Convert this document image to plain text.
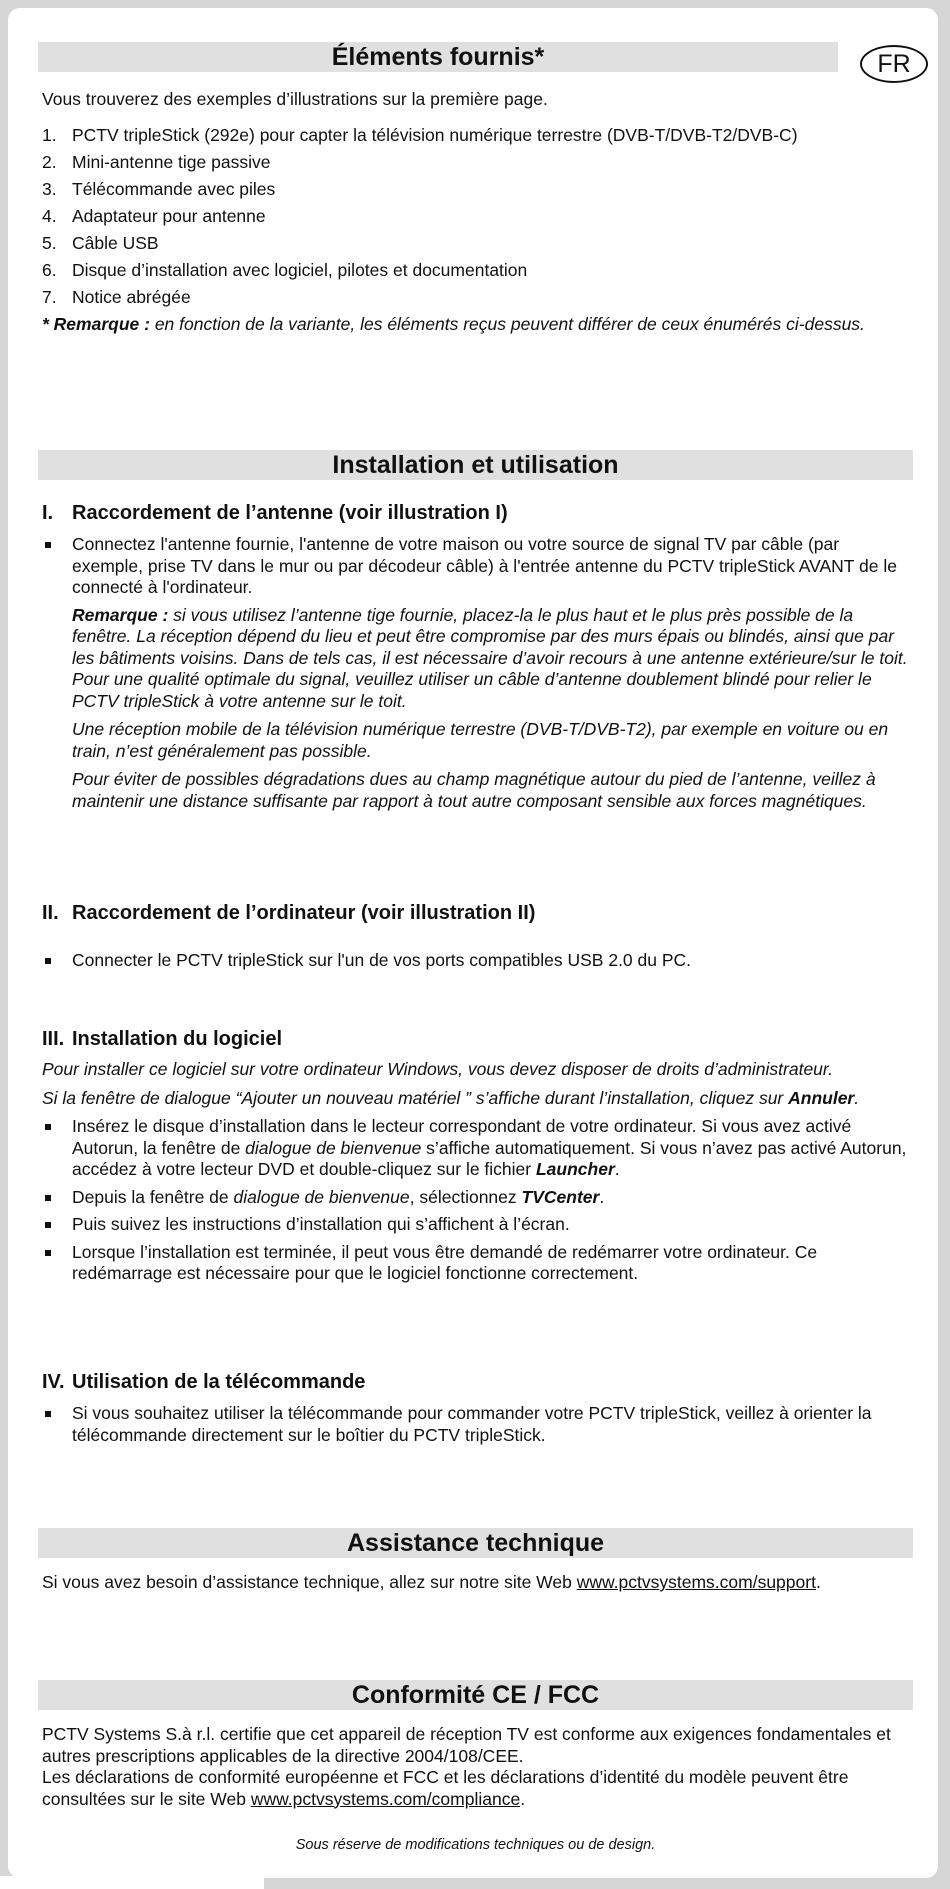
Éléments fournis*	FR

Vous trouverez des exemples d’illustrations sur la première page.

1. PCTV tripleStick (292e) pour capter la télévision numérique terrestre (DVB-T/DVB-T2/DVB-C)
2. Mini-antenne tige passive
3. Télécommande avec piles
4. Adaptateur pour antenne
5. Câble USB
6. Disque d’installation avec logiciel, pilotes et documentation
7. Notice abrégée

* Remarque : en fonction de la variante, les éléments reçus peuvent différer de ceux énumérés ci-dessus.

Installation et utilisation
I. Raccordement de l’antenne (voir illustration I)
Connectez l'antenne fournie, l'antenne de votre maison ou votre source de signal TV par câble (par exemple, prise TV dans le mur ou par décodeur câble) à l'entrée antenne du PCTV tripleStick AVANT de le connecté à l'ordinateur.
Remarque : si vous utilisez l’antenne tige fournie, placez-la le plus haut et le plus près possible de la fenêtre. La réception dépend du lieu et peut être compromise par des murs épais ou blindés, ainsi que par les bâtiments voisins. Dans de tels cas, il est nécessaire d’avoir recours à une antenne extérieure/sur le toit. Pour une qualité optimale du signal, veuillez utiliser un câble d’antenne doublement blindé pour relier le PCTV tripleStick à votre antenne sur le toit.
Une réception mobile de la télévision numérique terrestre (DVB-T/DVB-T2), par exemple en voiture ou en train, n’est généralement pas possible.
Pour éviter de possibles dégradations dues au champ magnétique autour du pied de l’antenne, veillez à maintenir une distance suffisante par rapport à tout autre composant sensible aux forces magnétiques.
II. Raccordement de l’ordinateur (voir illustration II)
Connecter le PCTV tripleStick sur l'un de vos ports compatibles USB 2.0 du PC.
III. Installation du logiciel

Pour installer ce logiciel sur votre ordinateur Windows, vous devez disposer de droits d’administrateur.

Si la fenêtre de dialogue “Ajouter un nouveau matériel ” s’affiche durant l’installation, cliquez sur Annuler.

Insérez le disque d’installation dans le lecteur correspondant de votre ordinateur. Si vous avez activé Autorun, la fenêtre de dialogue de bienvenue s’affiche automatiquement. Si vous n’avez pas activé Autorun, accédez à votre lecteur DVD et double-cliquez sur le fichier Launcher.
Depuis la fenêtre de dialogue de bienvenue, sélectionnez TVCenter.
Puis suivez les instructions d’installation qui s’affichent à l’écran.
Lorsque l’installation est terminée, il peut vous être demandé de redémarrer votre ordinateur. Ce redémarrage est nécessaire pour que le logiciel fonctionne correctement.
IV. Utilisation de la télécommande
Si vous souhaitez utiliser la télécommande pour commander votre PCTV tripleStick, veillez à orienter la télécommande directement sur le boîtier du PCTV tripleStick.
Assistance technique

Si vous avez besoin d’assistance technique, allez sur notre site Web www.pctvsystems.com/support.

Conformité CE / FCC

PCTV Systems S.à r.l. certifie que cet appareil de réception TV est conforme aux exigences fondamentales et autres prescriptions applicables de la directive 2004/108/CEE.

Les déclarations de conformité européenne et FCC et les déclarations d’identité du modèle peuvent être consultées sur le site Web www.pctvsystems.com/compliance.

Sous réserve de modifications techniques ou de design.
